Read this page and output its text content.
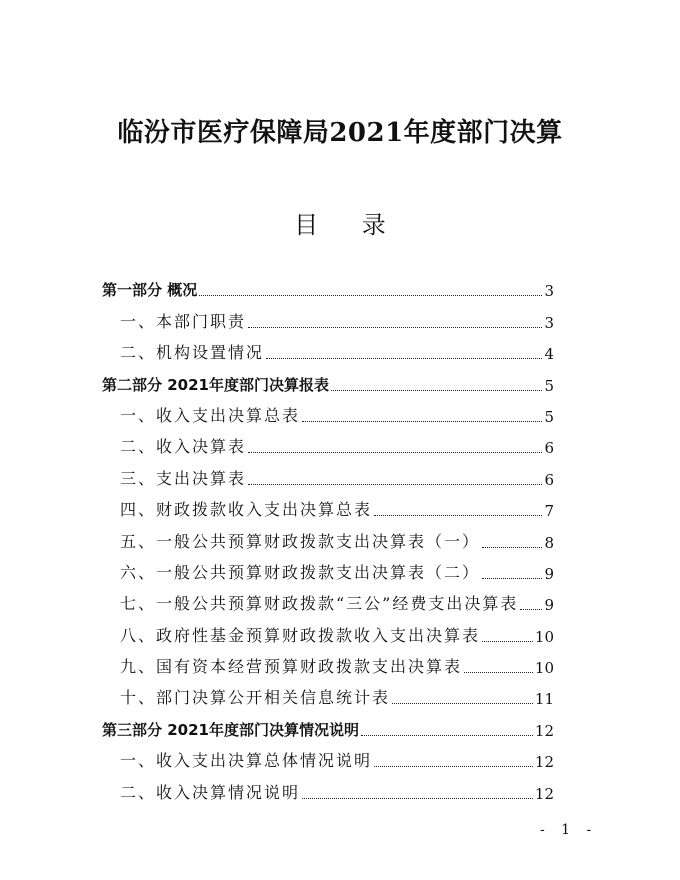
临汾市医疗保障局2021年度部门决算
目 录
第一部分 概况	3
一、本部门职责	3
二、机构设置情况	4
第二部分 2021年度部门决算报表	5
一、收入支出决算总表	5
二、收入决算表	6
三、支出决算表	6
四、财政拨款收入支出决算总表	7
五、一般公共预算财政拨款支出决算表（一）	8
六、一般公共预算财政拨款支出决算表（二）	9
七、一般公共预算财政拨款“三公”经费支出决算表 9
八、政府性基金预算财政拨款收入支出决算表	10
九、国有资本经营预算财政拨款支出决算表	10
十、部门决算公开相关信息统计表	11
第三部分 2021年度部门决算情况说明	12
一、收入支出决算总体情况说明	12
二、收入决算情况说明	12
- 1 -
